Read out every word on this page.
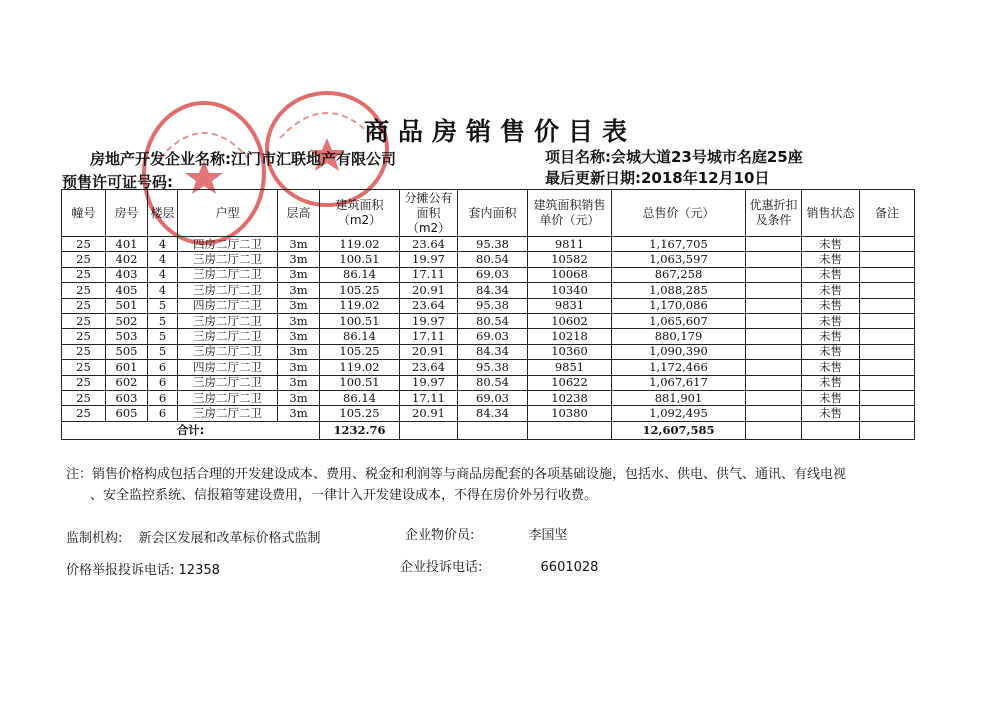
商品房销售价目表
房地产开发企业名称:江门市汇联地产有限公司	项目名称:会城大道23号城市名庭25座
预售许可证号码:	最后更新日期:2018年12月10日
幢号	房号	楼层	户型	层高	建筑面积（m2）	分摊公有面积（m2）	套内面积	建筑面积销售单价（元）	总售价（元）	优惠折扣及条件	销售状态	备注
25	401	4	四房二厅二卫	3m	119.02	23.64	95.38	9811	1,167,705		未售	
25	402	4	三房二厅二卫	3m	100.51	19.97	80.54	10582	1,063,597		未售	
25	403	4	三房二厅二卫	3m	86.14	17.11	69.03	10068	867,258		未售	
25	405	4	三房二厅二卫	3m	105.25	20.91	84.34	10340	1,088,285		未售	
25	501	5	四房二厅二卫	3m	119.02	23.64	95.38	9831	1,170,086		未售	
25	502	5	三房二厅二卫	3m	100.51	19.97	80.54	10602	1,065,607		未售	
25	503	5	三房二厅二卫	3m	86.14	17.11	69.03	10218	880,179		未售	
25	505	5	三房二厅二卫	3m	105.25	20.91	84.34	10360	1,090,390		未售	
25	601	6	四房二厅二卫	3m	119.02	23.64	95.38	9851	1,172,466		未售	
25	602	6	三房二厅二卫	3m	100.51	19.97	80.54	10622	1,067,617		未售	
25	603	6	三房二厅二卫	3m	86.14	17.11	69.03	10238	881,901		未售	
25	605	6	三房二厅二卫	3m	105.25	20.91	84.34	10380	1,092,495		未售	
合计:					1232.76				12,607,585			
注：销售价格构成包括合理的开发建设成本、费用、税金和利润等与商品房配套的各项基础设施，包括水、供电、供气、通讯、有线电视
、安全监控系统、信报箱等建设费用，一律计入开发建设成本，不得在房价外另行收费。
监制机构: 新会区发展和改革标价格式监制	企业物价员:	李国坚
价格举报投诉电话: 12358	企业投诉电话:	6601028
